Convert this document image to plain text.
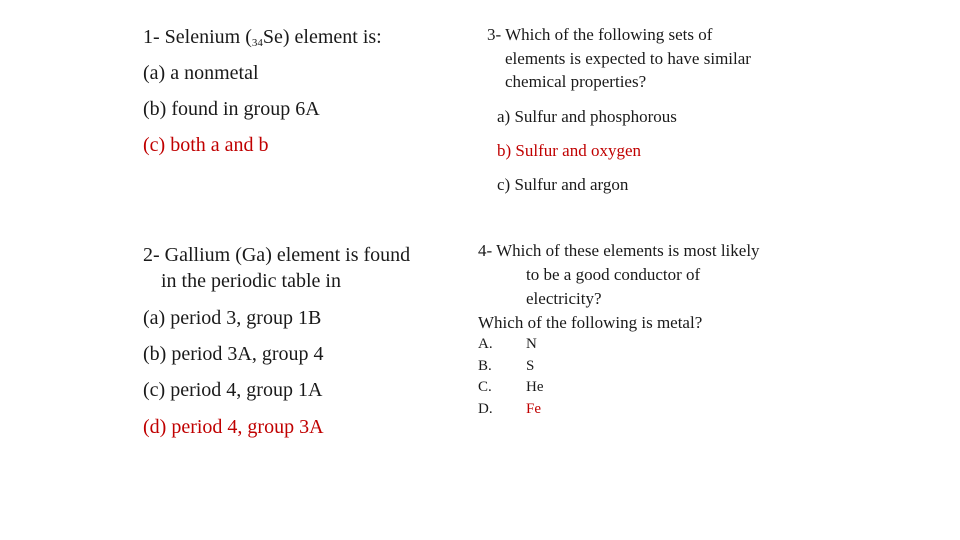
1- Selenium $(_{34}Se)$ element is:
(a) a nonmetal
(b) found in group 6A
(c) both a and b
2- Gallium (Ga) element is found
in the periodic table in
(a) period 3, group 1B
(b) period 3A, group 4
(c) period 4, group 1A
(d) period 4, group 3A
3- Which of the following sets of
elements is expected to have similar
chemical properties?
a) Sulfur and phosphorous
b) Sulfur and oxygen
c) Sulfur and argon
4- Which of these elements is most likely
to be a good conductor of
electricity?
Which of the following is metal?
A. N
B. S
C. He
D. Fe
